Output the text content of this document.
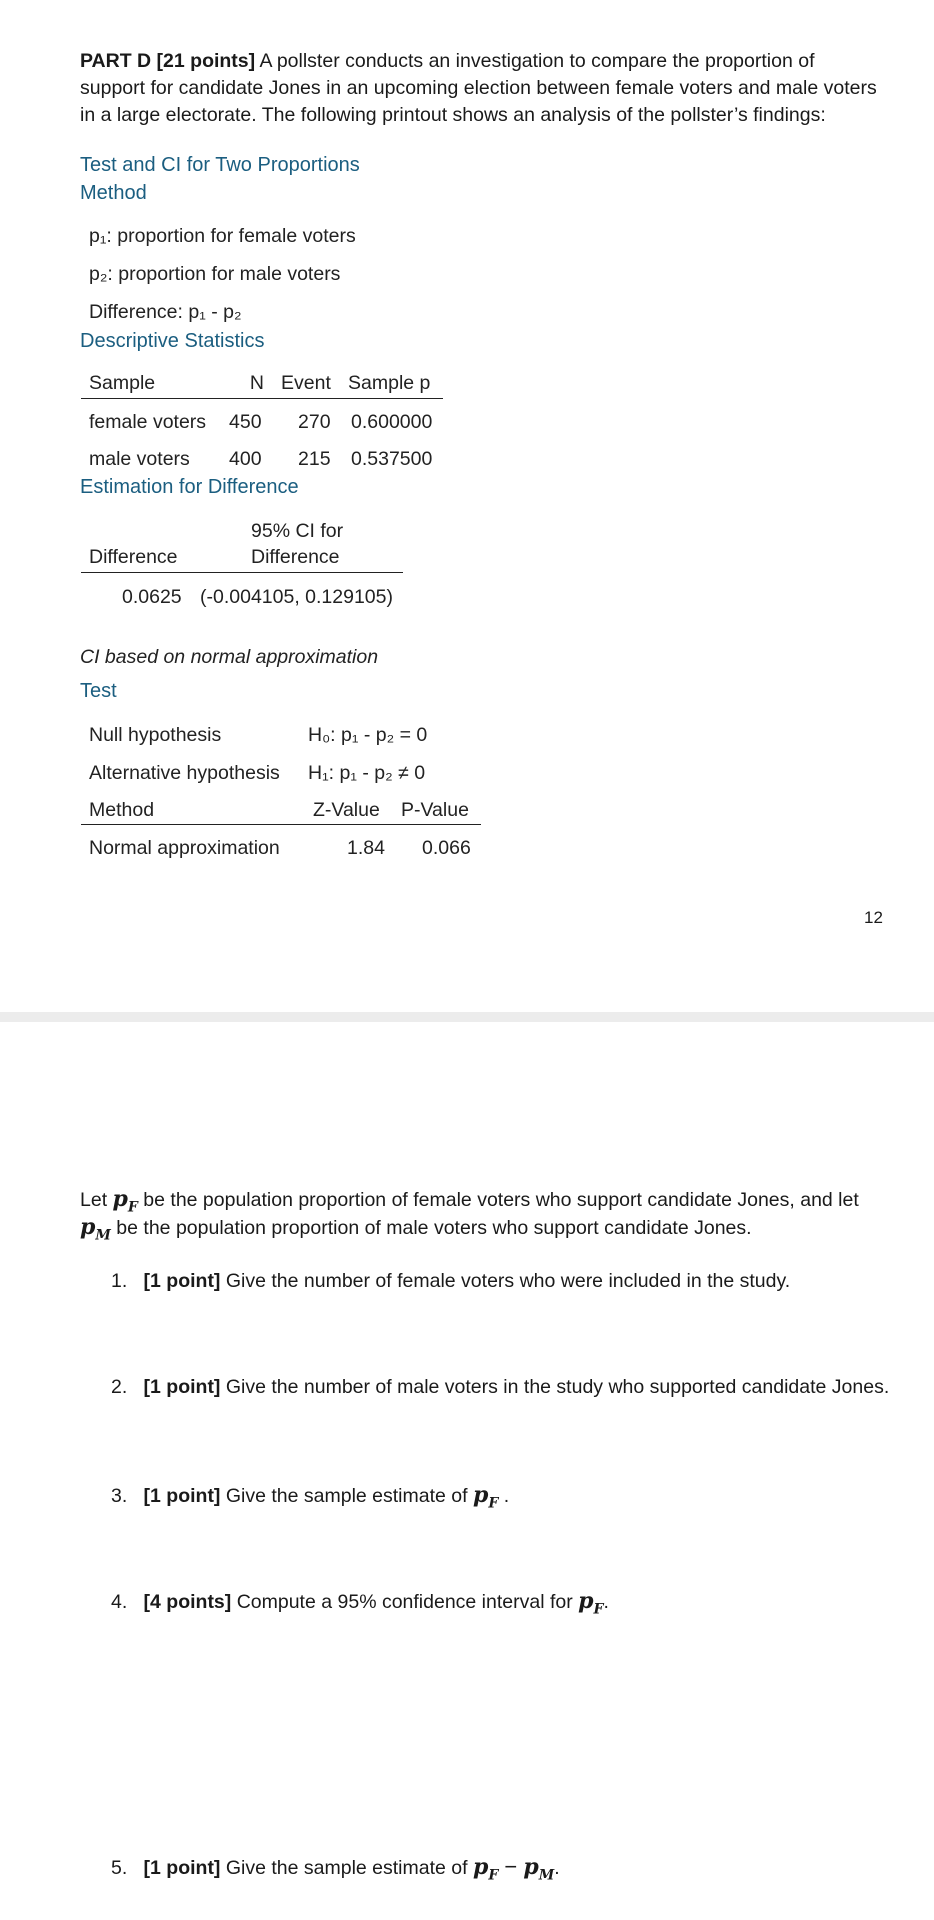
PART D [21 points] A pollster conducts an investigation to compare the proportion of support for candidate Jones in an upcoming election between female voters and male voters in a large electorate. The following printout shows an analysis of the pollster’s findings:
Test and CI for Two Proportions
Method
p₁: proportion for female voters
p₂: proportion for male voters
Difference: p₁ - p₂
Descriptive Statistics
Sample	N Event Sample p
female voters 450 270 0.600000
male voters 400 215 0.537500
Estimation for Difference
95% CI for
Difference	Difference
0.0625 (-0.004105, 0.129105)
CI based on normal approximation
Test
Null hypothesis	H₀: p₁ - p₂ = 0
Alternative hypothesis H₁: p₁ - p₂ ≠ 0
Method	Z-Value P-Value
Normal approximation	1.84 0.066
12
Let $p_F$ be the population proportion of female voters who support candidate Jones, and let
$p_M$ be the population proportion of male voters who support candidate Jones.
1. [1 point] Give the number of female voters who were included in the study.
2. [1 point] Give the number of male voters in the study who supported candidate Jones.
3. [1 point] Give the sample estimate of $p_F$ .
4. [4 points] Compute a 95% confidence interval for $p_F$.
5. [1 point] Give the sample estimate of $p_F - p_M$.
